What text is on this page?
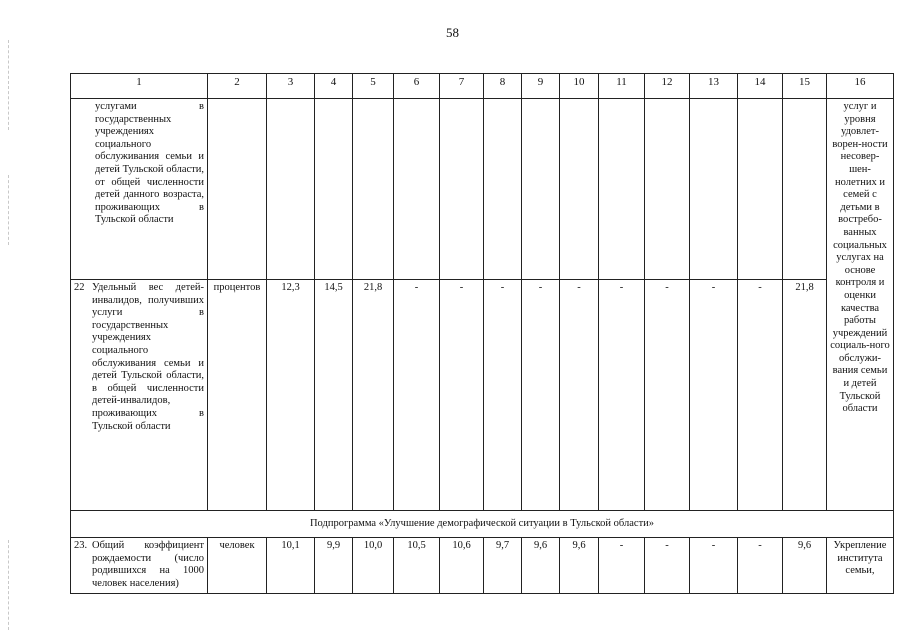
58
1	2	3	4	5	6	7	8	9	10	11	12	13	14	15	16
услугами в государственных учреждениях социального обслуживания семьи и детей Тульской области, от общей численности детей данного возраста, проживающих в Тульской области															услуг и уровня удовлет-ворен-ности несовер-шен-нолетних и семей с детьми в востребо-ванных социальных услугах на основе контроля и оценки качества работы учреждений социаль-ного обслужи-вания семьи и детей Тульской области

22 Удельный вес детей-инвалидов, получивших услуги в государственных учреждениях социального обслуживания семьи и детей Тульской области, в общей численности детей-инвалидов, проживающих в Тульской области	процентов	12,3	14,5	21,8	-	-	-	-	-	-	-	-	-	21,8	
Подпрограмма «Улучшение демографической ситуации в Тульской области»															

23. Общий коэффициент рождаемости (число родившихся на 1000 человек населения)	человек	10,1	9,9	10,0	10,5	10,6	9,7	9,6	9,6	-	-	-	-	9,6	Укрепление института семьи,
